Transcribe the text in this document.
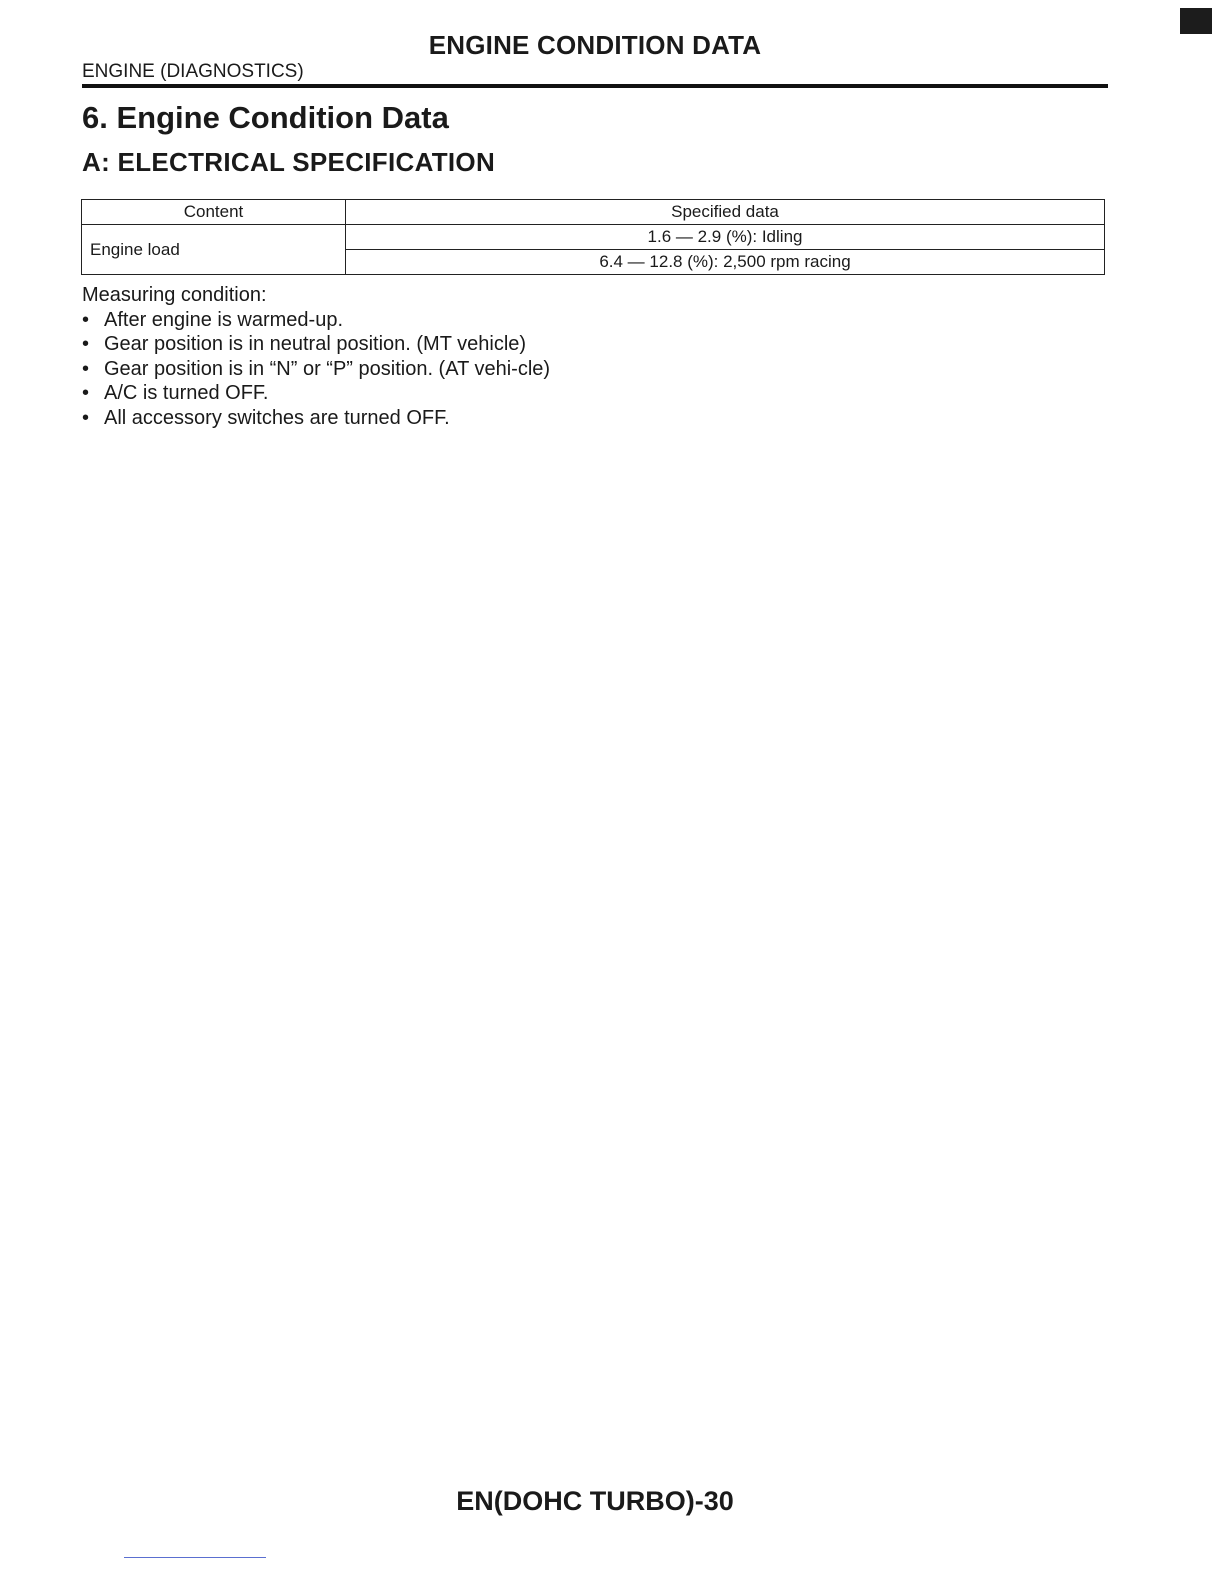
ENGINE CONDITION DATA
ENGINE (DIAGNOSTICS)
6. Engine Condition Data
A: ELECTRICAL SPECIFICATION
Content	Specified data
Engine load	1.6 — 2.9 (%): Idling
	6.4 — 12.8 (%): 2,500 rpm racing
Measuring condition:
• After engine is warmed-up.
• Gear position is in neutral position. (MT vehicle)
• Gear position is in “N” or “P” position. (AT vehi-cle)
• A/C is turned OFF.
• All accessory switches are turned OFF.
EN(DOHC TURBO)-30
